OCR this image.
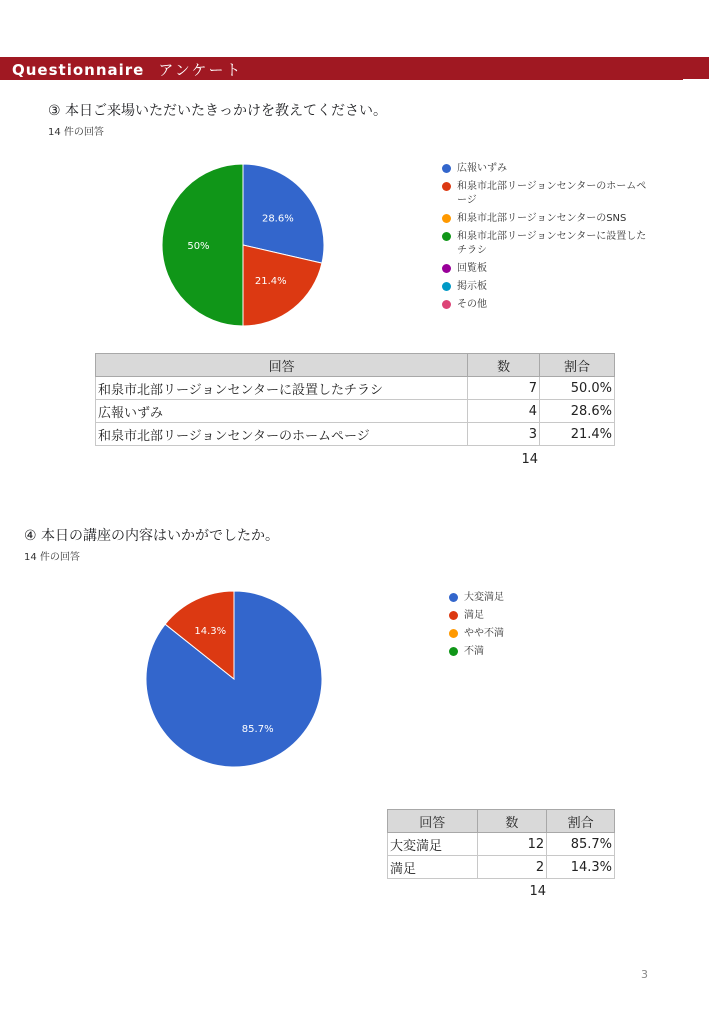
Questionnaire アンケート
③ 本日ご来場いただいたきっかけを教えてください。
14 件の回答
28.6%
21.4%
50%
広報いずみ
和泉市北部リージョンセンターのホームページ
和泉市北部リージョンセンターのSNS
和泉市北部リージョンセンターに設置したチラシ
回覧板
掲示板
その他
回答	数	割合
和泉市北部リージョンセンターに設置したチラシ	7	50.0%
広報いずみ	4	28.6%
和泉市北部リージョンセンターのホームページ	3	21.4%
14
④ 本日の講座の内容はいかがでしたか。
14 件の回答
85.7%
14.3%
大変満足
満足
やや不満
不満
回答	数	割合
大変満足	12	85.7%
満足	2	14.3%
14
3
